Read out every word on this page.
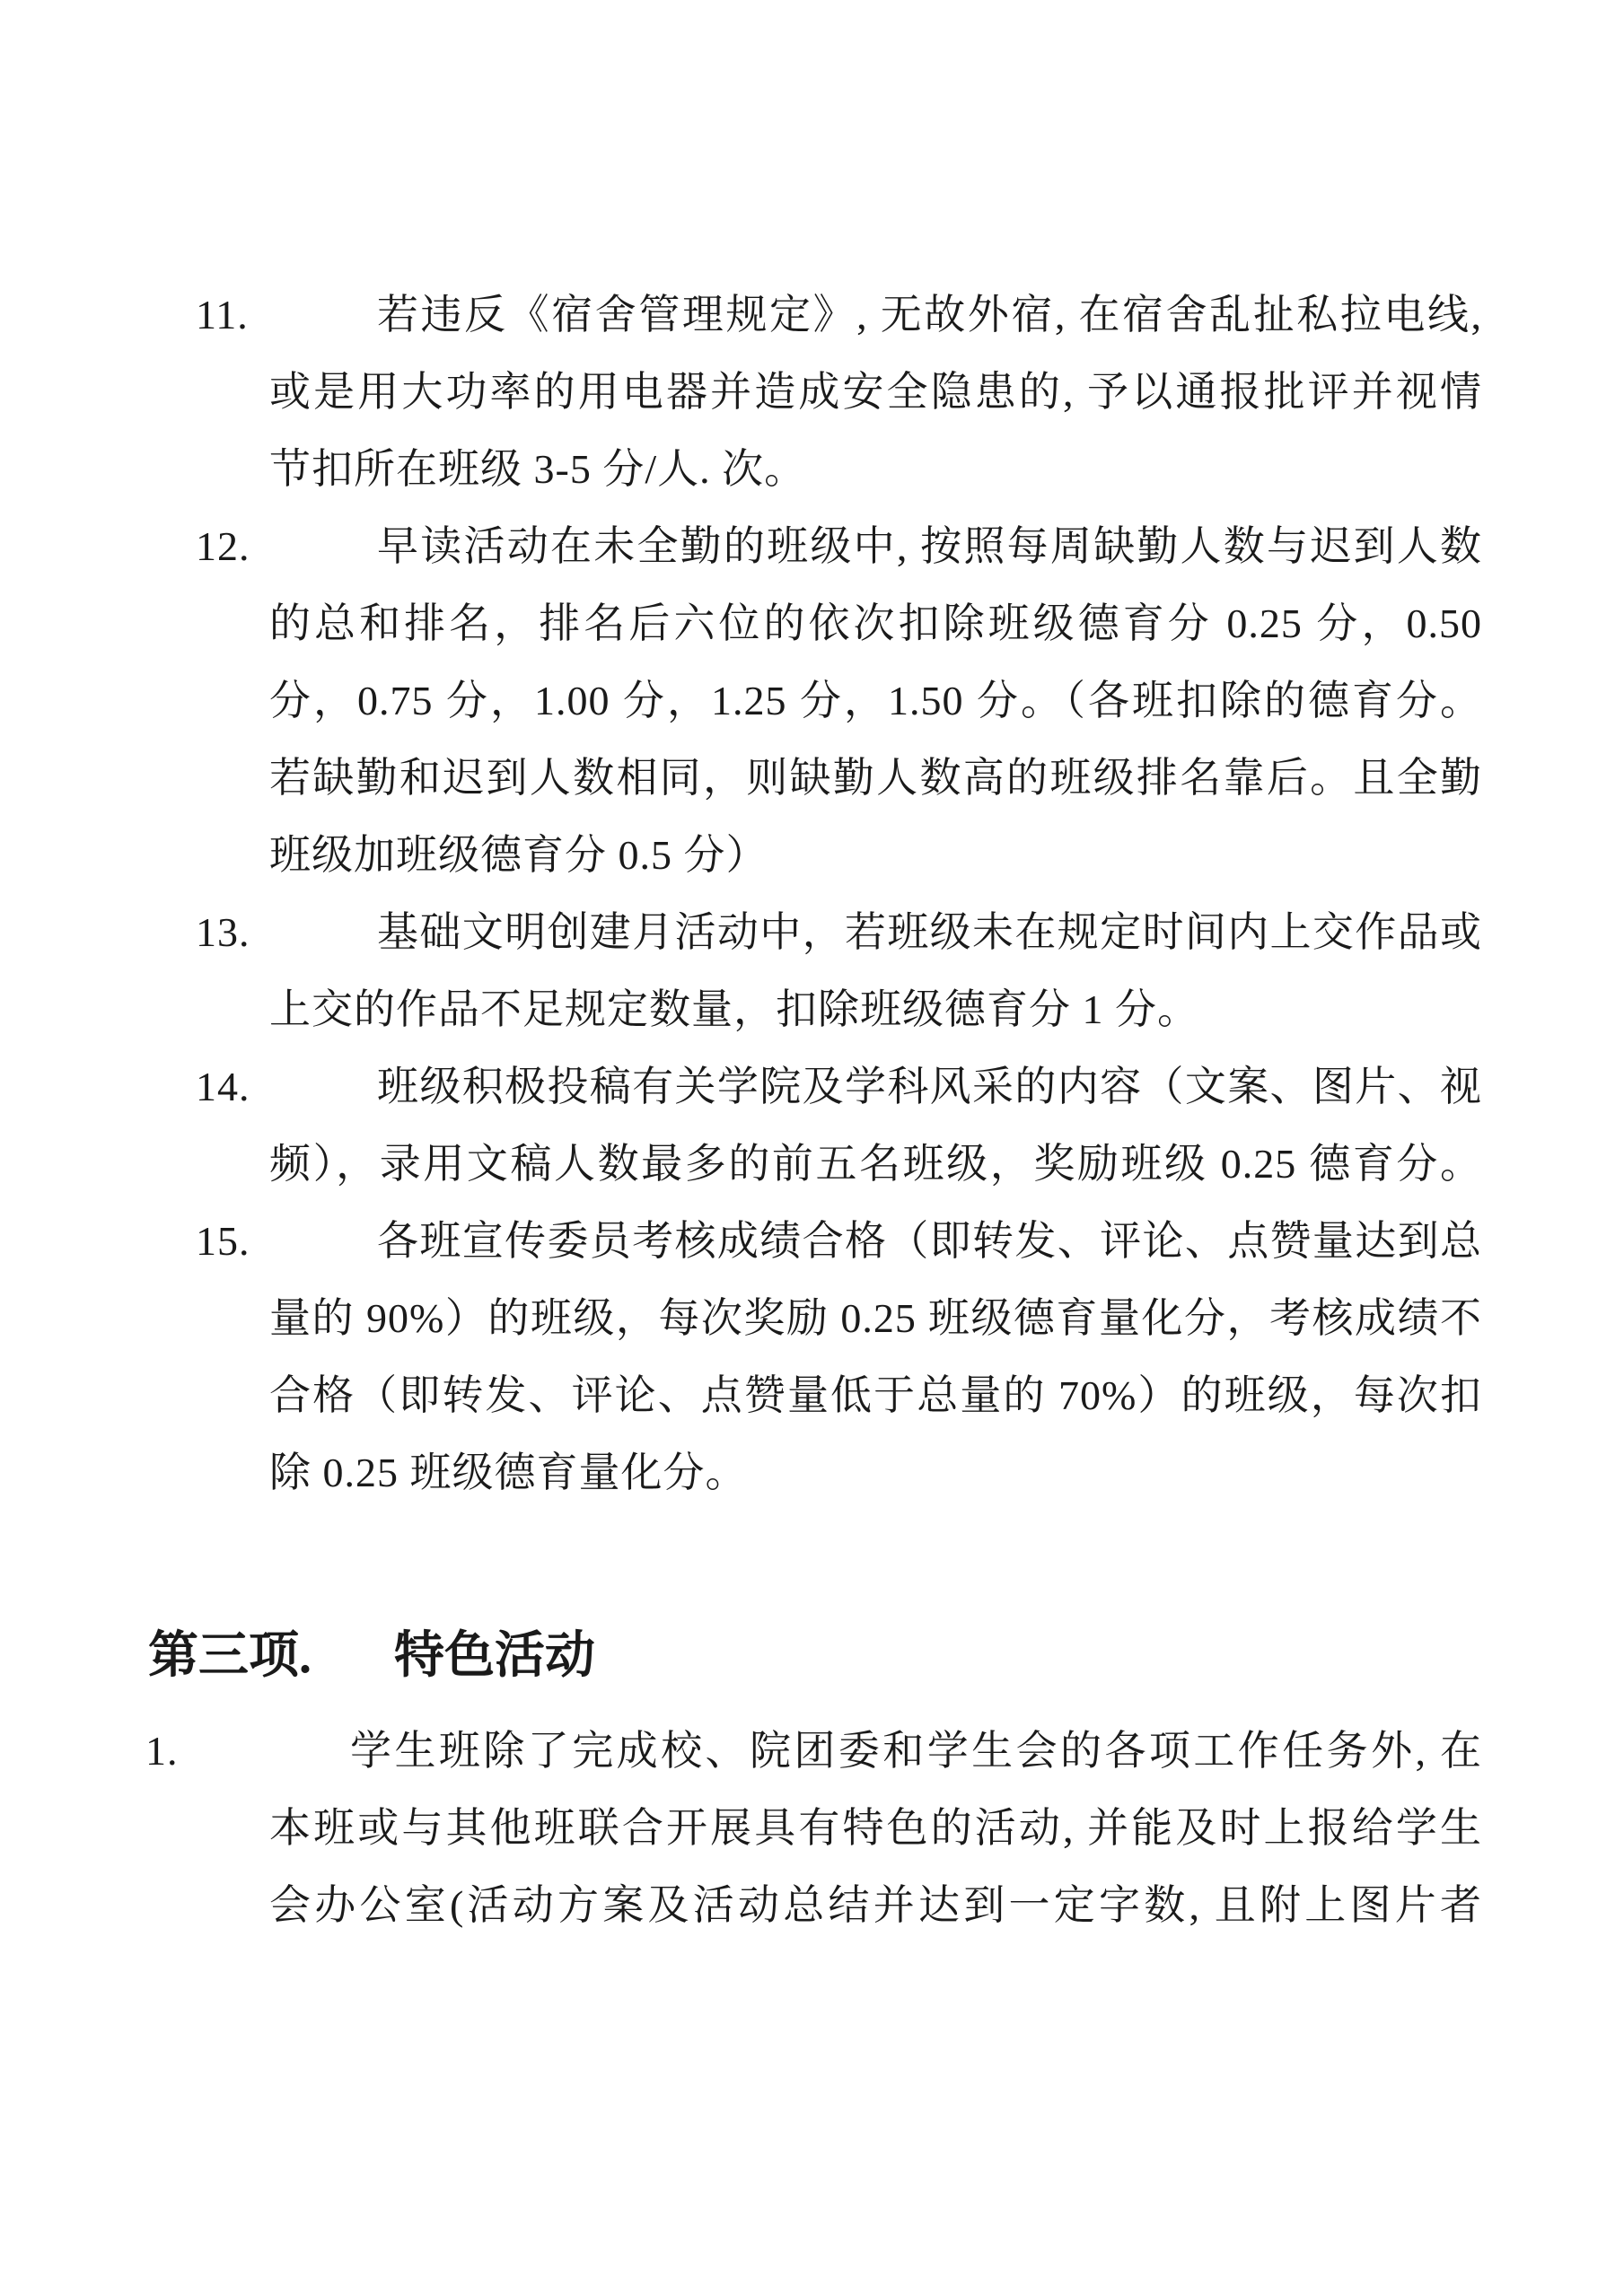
11.	若违反《宿舍管理规定》, 无故外宿, 在宿舍乱扯私拉电线,
或是用大功率的用电器并造成安全隐患的, 予以通报批评并视情
节扣所在班级 3-5 分/人. 次。
12.	早读活动在未全勤的班级中, 按照每周缺勤人数与迟到人数
的总和排名，排名后六位的依次扣除班级德育分 0.25 分，0.50
分，0.75 分，1.00 分，1.25 分，1.50 分。（各班扣除的德育分。
若缺勤和迟到人数相同，则缺勤人数高的班级排名靠后。且全勤
班级加班级德育分 0.5 分）
13.	基础文明创建月活动中，若班级未在规定时间内上交作品或
上交的作品不足规定数量，扣除班级德育分 1 分。
14.	班级积极投稿有关学院及学科风采的内容（文案、图片、视
频），录用文稿人数最多的前五名班级，奖励班级 0.25 德育分。
15.	各班宣传委员考核成绩合格（即转发、评论、点赞量达到总
量的 90%）的班级，每次奖励 0.25 班级德育量化分，考核成绩不
合格（即转发、评论、点赞量低于总量的 70%）的班级，每次扣
除 0.25 班级德育量化分。
第三项. 特色活动
1.	学生班除了完成校、院团委和学生会的各项工作任务外, 在
本班或与其他班联合开展具有特色的活动, 并能及时上报给学生
会办公室(活动方案及活动总结并达到一定字数, 且附上图片者
